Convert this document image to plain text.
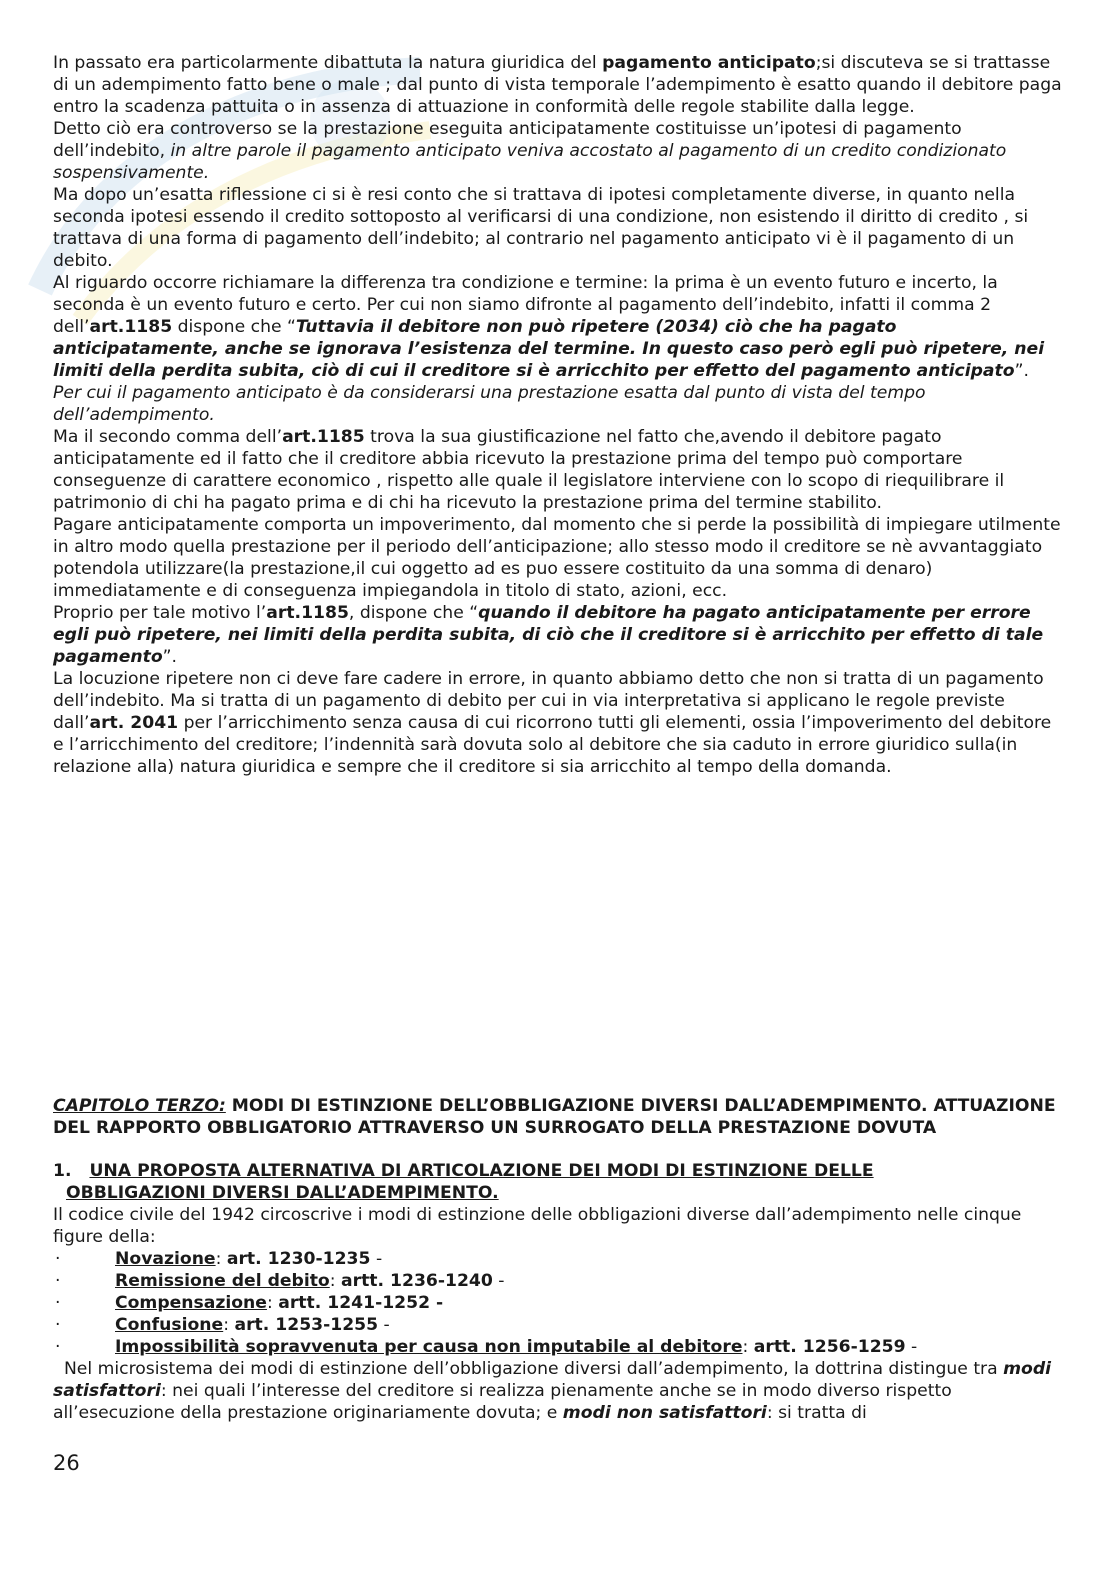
In passato era particolarmente dibattuta la natura giuridica del pagamento anticipato;si discuteva se si trattasse di un adempimento fatto bene o male ; dal punto di vista temporale l’adempimento è esatto quando il debitore paga entro la scadenza pattuita o in assenza di attuazione in conformità delle regole stabilite dalla legge.

Detto ciò era controverso se la prestazione eseguita anticipatamente costituisse un’ipotesi di pagamento dell’indebito, in altre parole il pagamento anticipato veniva accostato al pagamento di un credito condizionato sospensivamente.

Ma dopo un’esatta riflessione ci si è resi conto che si trattava di ipotesi completamente diverse, in quanto nella seconda ipotesi essendo il credito sottoposto al verificarsi di una condizione, non esistendo il diritto di credito , si trattava di una forma di pagamento dell’indebito; al contrario nel pagamento anticipato vi è il pagamento di un debito.

Al riguardo occorre richiamare la differenza tra condizione e termine: la prima è un evento futuro e incerto, la seconda è un evento futuro e certo. Per cui non siamo difronte al pagamento dell’indebito, infatti il comma 2 dell’art.1185 dispone che “Tuttavia il debitore non può ripetere (2034) ciò che ha pagato anticipatamente, anche se ignorava l’esistenza del termine. In questo caso però egli può ripetere, nei limiti della perdita subita, ciò di cui il creditore si è arricchito per effetto del pagamento anticipato”.

Per cui il pagamento anticipato è da considerarsi una prestazione esatta dal punto di vista del tempo dell’adempimento.

Ma il secondo comma dell’art.1185 trova la sua giustificazione nel fatto che,avendo il debitore pagato anticipatamente ed il fatto che il creditore abbia ricevuto la prestazione prima del tempo può comportare conseguenze di carattere economico , rispetto alle quale il legislatore interviene con lo scopo di riequilibrare il patrimonio di chi ha pagato prima e di chi ha ricevuto la prestazione prima del termine stabilito.

Pagare anticipatamente comporta un impoverimento, dal momento che si perde la possibilità di impiegare utilmente in altro modo quella prestazione per il periodo dell’anticipazione; allo stesso modo il creditore se nè avvantaggiato potendola utilizzare(la prestazione,il cui oggetto ad es puo essere costituito da una somma di denaro) immediatamente e di conseguenza impiegandola in titolo di stato, azioni, ecc.

Proprio per tale motivo l’art.1185, dispone che “quando il debitore ha pagato anticipatamente per errore egli può ripetere, nei limiti della perdita subita, di ciò che il creditore si è arricchito per effetto di tale pagamento”.

La locuzione ripetere non ci deve fare cadere in errore, in quanto abbiamo detto che non si tratta di un pagamento dell’indebito. Ma si tratta di un pagamento di debito per cui in via interpretativa si applicano le regole previste dall’art. 2041 per l’arricchimento senza causa di cui ricorrono tutti gli elementi, ossia l’impoverimento del debitore e l’arricchimento del creditore; l’indennità sarà dovuta solo al debitore che sia caduto in errore giuridico sulla(in relazione alla) natura giuridica e sempre che il creditore si sia arricchito al tempo della domanda.

CAPITOLO TERZO: MODI DI ESTINZIONE DELL’OBBLIGAZIONE DIVERSI DALL’ADEMPIMENTO. ATTUAZIONE DEL RAPPORTO OBBLIGATORIO ATTRAVERSO UN SURROGATO DELLA PRESTAZIONE DOVUTA
1. UNA PROPOSTA ALTERNATIVA DI ARTICOLAZIONE DEI MODI DI ESTINZIONE DELLE
OBBLIGAZIONI DIVERSI DALL’ADEMPIMENTO.

Il codice civile del 1942 circoscrive i modi di estinzione delle obbligazioni diverse dall’adempimento nelle cinque figure della:

·	Novazione: art. 1230-1235 -
·	Remissione del debito: artt. 1236-1240 -
·	Compensazione: artt. 1241-1252 -
·	Confusione: art. 1253-1255 -
·	Impossibilità sopravvenuta per causa non imputabile al debitore: artt. 1256-1259 -

Nel microsistema dei modi di estinzione dell’obbligazione diversi dall’adempimento, la dottrina distingue tra modi satisfattori: nei quali l’interesse del creditore si realizza pienamente anche se in modo diverso rispetto all’esecuzione della prestazione originariamente dovuta; e modi non satisfattori: si tratta di

26
